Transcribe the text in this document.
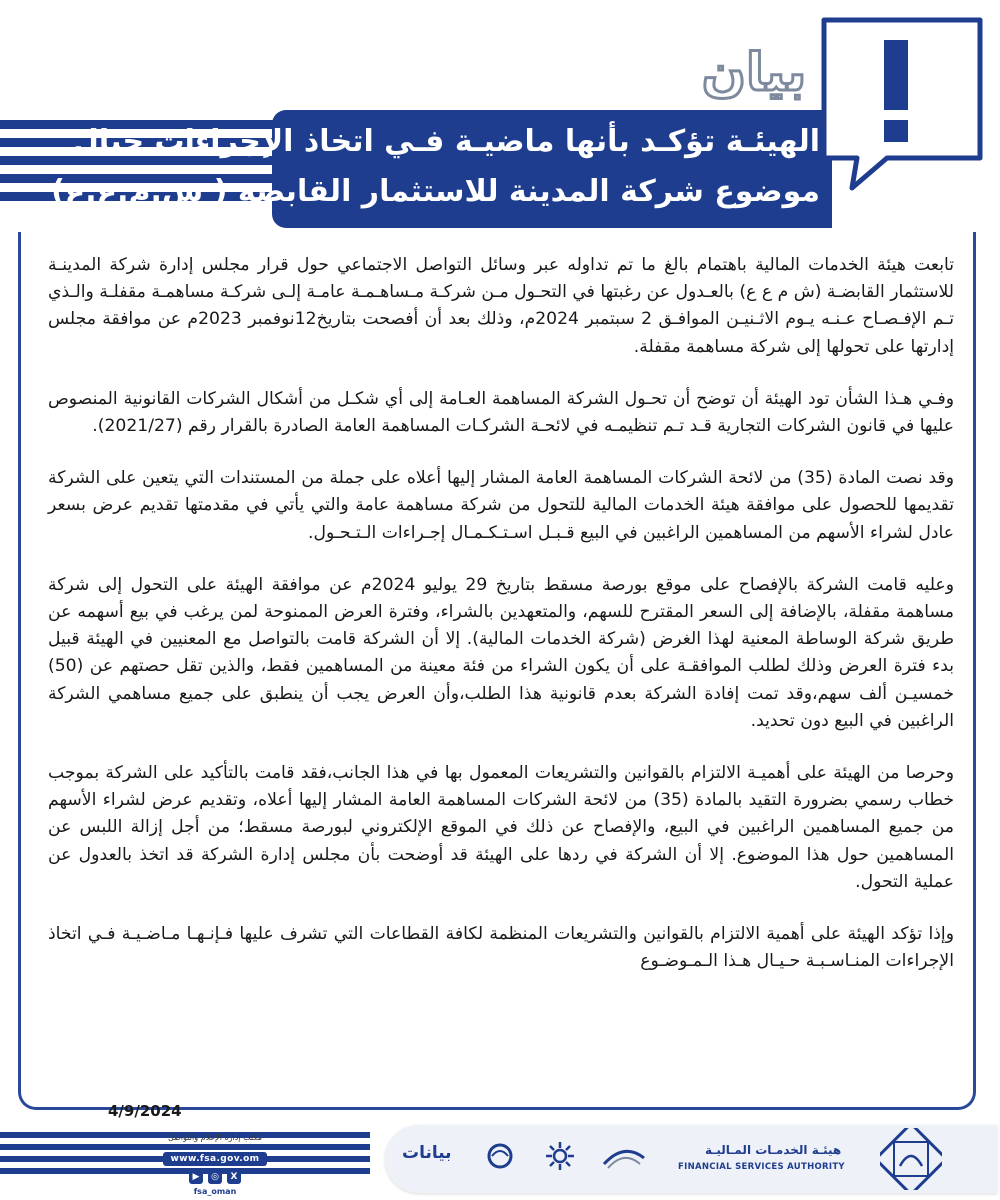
الهيئـة تؤكـد بأنها ماضيـة فـي اتخاذ الإجراءات حيال
موضوع شركة المدينة للاستثمار القابضة ( ش.م.ع.ع)
بيان

تابعت هيئة الخدمات المالية باهتمام بالغ ما تم تداوله عبر وسائل التواصل الاجتماعي حول قرار مجلس إدارة شركة المدينـة للاستثمار القابضـة (ش م ع ع) بالعـدول عن رغبتها في التحـول مـن شركـة مـساهـمـة عامـة إلـى شركـة مساهمـة مقفلـة والـذي تـم الإفـصـاح عـنـه يـوم الاثـنيـن الموافـق 2 سبتمبر 2024م، وذلك بعد أن أفصحت بتاريخ12نوفمبر 2023م عن موافقة مجلس إدارتها على تحولها إلى شركة مساهمة مقفلة.

وفـي هـذا الشأن تود الهيئة أن توضح أن تحـول الشركة المساهمة العـامة إلى أي شكـل من أشكال الشركات القانونية المنصوص عليها في قانون الشركات التجارية قـد تـم تنظيمـه في لائحـة الشركـات المساهمة العامة الصادرة بالقرار رقم (2021/27).

وقد نصت المادة (35) من لائحة الشركات المساهمة العامة المشار إليها أعلاه على جملة من المستندات التي يتعين على الشركة تقديمها للحصول على موافقة هيئة الخدمات المالية للتحول من شركة مساهمة عامة والتي يأتي في مقدمتها تقديم عرض بسعر عادل لشراء الأسهم من المساهمين الراغبين في البيع قـبـل اسـتـكـمـال إجـراءات الـتـحـول.

وعليه قامت الشركة بالإفصاح على موقع بورصة مسقط بتاريخ 29 يوليو 2024م عن موافقة الهيئة على التحول إلى شركة مساهمة مقفلة، بالإضافة إلى السعر المقترح للسهم، والمتعهدين بالشراء، وفترة العرض الممنوحة لمن يرغب في بيع أسهمه عن طريق شركة الوساطة المعنية لهذا الغرض (شركة الخدمات المالية). إلا أن الشركة قامت بالتواصل مع المعنيين في الهيئة قبيل بدء فترة العرض وذلك لطلب الموافقـة على أن يكون الشراء من فئة معينة من المساهمين فقط، والذين تقل حصتهم عن (50) خمسيـن ألف سهم،وقد تمت إفادة الشركة بعدم قانونية هذا الطلب،وأن العرض يجب أن ينطبق على جميع مساهمي الشركة الراغبين في البيع دون تحديد.

وحرصا من الهيئة على أهميـة الالتزام بالقوانين والتشريعات المعمول بها في هذا الجانب،فقد قامت بالتأكيد على الشركة بموجب خطاب رسمي بضرورة التقيد بالمادة (35) من لائحة الشركات المساهمة العامة المشار إليها أعلاه، وتقديم عرض لشراء الأسهم من جميع المساهمين الراغبين في البيع، والإفصاح عن ذلك في الموقع الإلكتروني لبورصة مسقط؛ من أجل إزالة اللبس عن المساهمين حول هذا الموضوع. إلا أن الشركة في ردها على الهيئة قد أوضحت بأن مجلس إدارة الشركة قد اتخذ بالعدول عن عملية التحول.

وإذا تؤكد الهيئة على أهمية الالتزام بالقوانين والتشريعات المنظمة لكافة القطاعات التي تشرف عليها فـإنـهـا مـاضـيـة فـي اتخاذ الإجراءات المنـاسـبـة حـيـال هـذا الـمـوضـوع

4/9/2024
مكتب إدارة الإعلام والتواصل
www.fsa.gov.om
▶	◎	X
fsa_oman
بيانات	هيئـة الخدمـات المـاليـة
FINANCIAL SERVICES AUTHORITY
